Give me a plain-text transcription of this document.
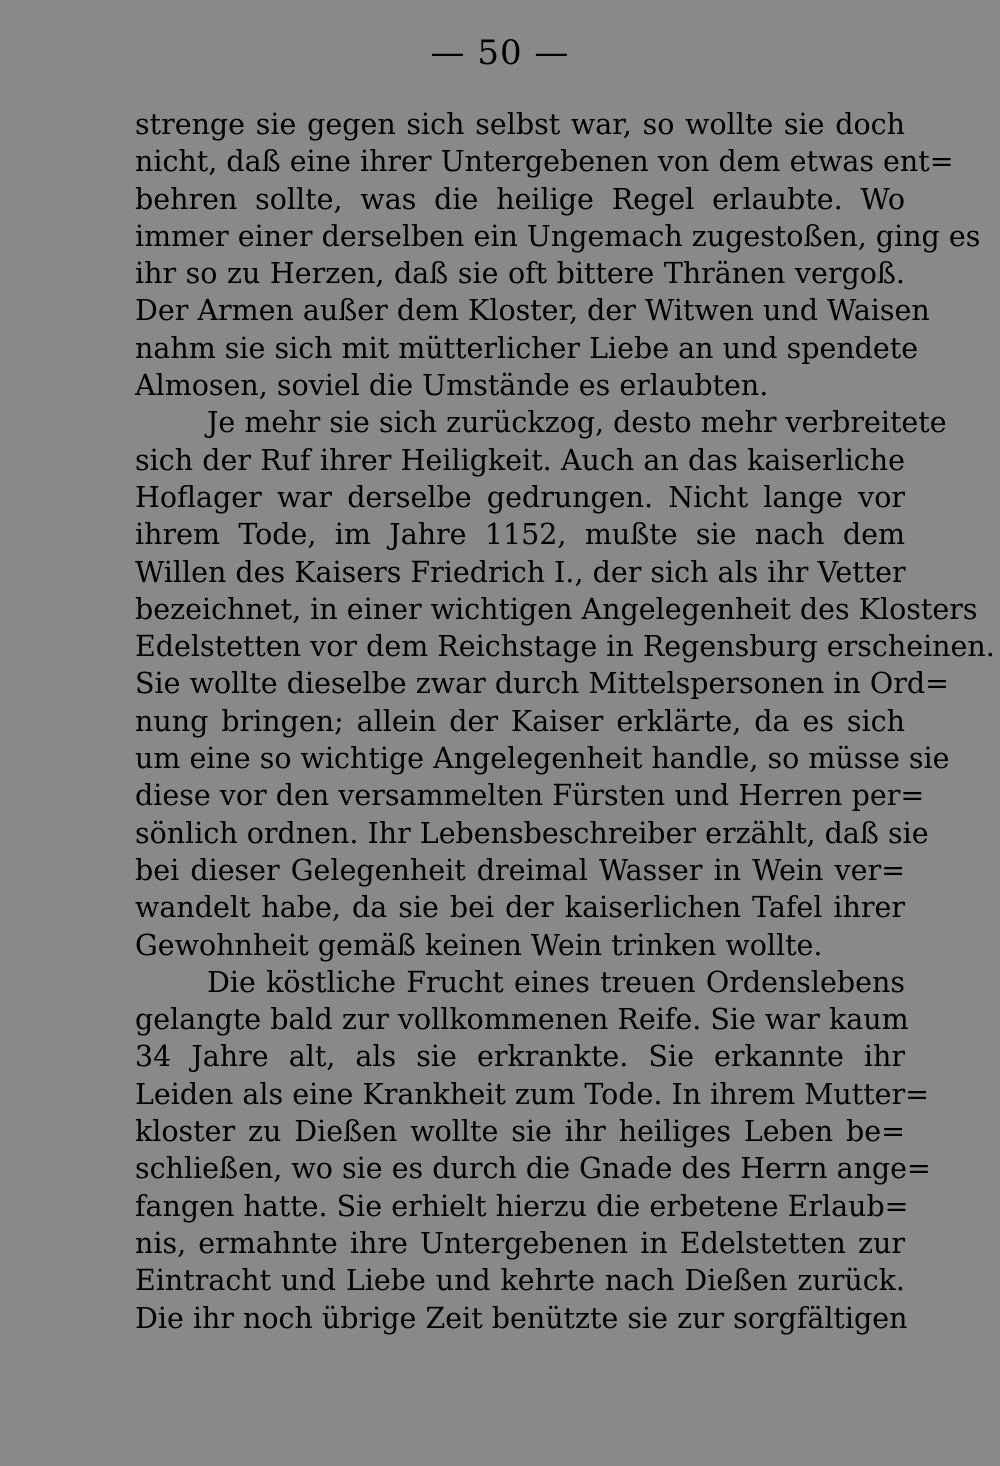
— 50 —
strenge sie gegen sich selbst war, so wollte sie doch
nicht, daß eine ihrer Untergebenen von dem etwas ent=
behren sollte, was die heilige Regel erlaubte. Wo
immer einer derselben ein Ungemach zugestoßen, ging es
ihr so zu Herzen, daß sie oft bittere Thränen vergoß.
Der Armen außer dem Kloster, der Witwen und Waisen
nahm sie sich mit mütterlicher Liebe an und spendete
Almosen, soviel die Umstände es erlaubten.
Je mehr sie sich zurückzog, desto mehr verbreitete
sich der Ruf ihrer Heiligkeit. Auch an das kaiserliche
Hoflager war derselbe gedrungen. Nicht lange vor
ihrem Tode, im Jahre 1152, mußte sie nach dem
Willen des Kaisers Friedrich I., der sich als ihr Vetter
bezeichnet, in einer wichtigen Angelegenheit des Klosters
Edelstetten vor dem Reichstage in Regensburg erscheinen.
Sie wollte dieselbe zwar durch Mittelspersonen in Ord=
nung bringen; allein der Kaiser erklärte, da es sich
um eine so wichtige Angelegenheit handle, so müsse sie
diese vor den versammelten Fürsten und Herren per=
sönlich ordnen. Ihr Lebensbeschreiber erzählt, daß sie
bei dieser Gelegenheit dreimal Wasser in Wein ver=
wandelt habe, da sie bei der kaiserlichen Tafel ihrer
Gewohnheit gemäß keinen Wein trinken wollte.
Die köstliche Frucht eines treuen Ordenslebens
gelangte bald zur vollkommenen Reife. Sie war kaum
34 Jahre alt, als sie erkrankte. Sie erkannte ihr
Leiden als eine Krankheit zum Tode. In ihrem Mutter=
kloster zu Dießen wollte sie ihr heiliges Leben be=
schließen, wo sie es durch die Gnade des Herrn ange=
fangen hatte. Sie erhielt hierzu die erbetene Erlaub=
nis, ermahnte ihre Untergebenen in Edelstetten zur
Eintracht und Liebe und kehrte nach Dießen zurück.
Die ihr noch übrige Zeit benützte sie zur sorgfältigen
